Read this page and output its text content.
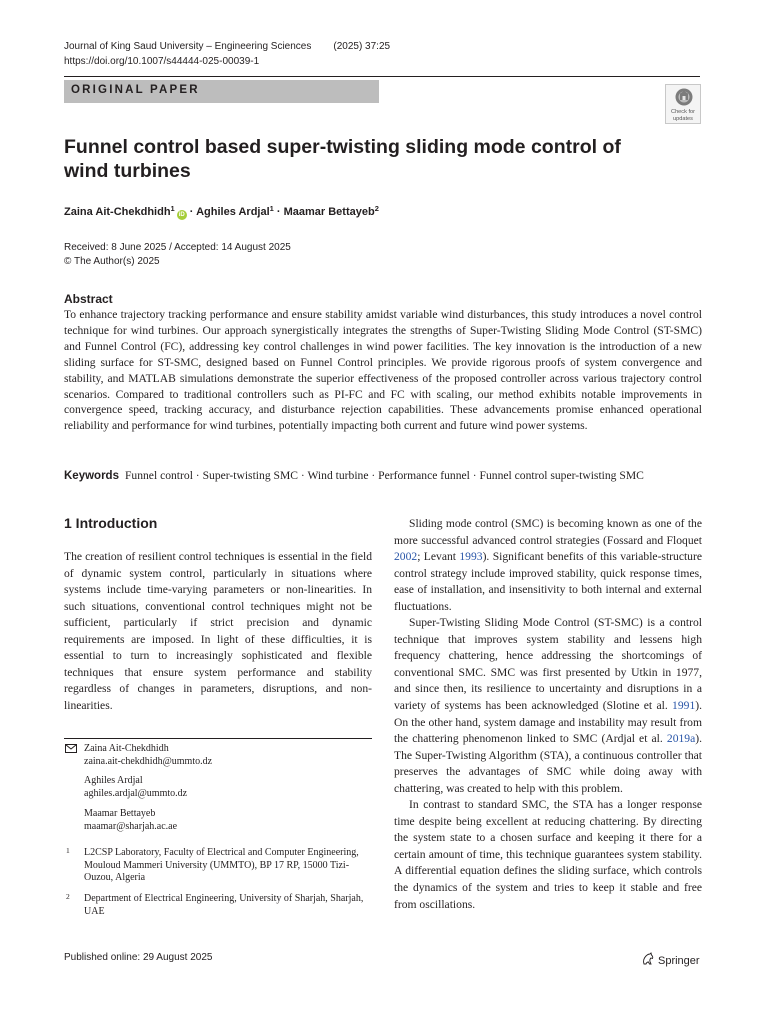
Journal of King Saud University – Engineering Sciences (2025) 37:25
https://doi.org/10.1007/s44444-025-00039-1
ORIGINAL PAPER
Check for
updates
Funnel control based super-twisting sliding mode control of wind turbines
Zaina Ait-Chekdhidh$^1$iD · Aghiles Ardjal$^1$ · Maamar Bettayeb$^2$
Received: 8 June 2025 / Accepted: 14 August 2025
© The Author(s) 2025
Abstract

To enhance trajectory tracking performance and ensure stability amidst variable wind disturbances, this study introduces a novel control technique for wind turbines. Our approach synergistically integrates the strengths of Super-Twisting Sliding Mode Control (ST-SMC) and Funnel Control (FC), addressing key control challenges in wind power facilities. The key innovation is the introduction of a new sliding surface for ST-SMC, designed based on Funnel Control principles. We provide rigorous proofs of system convergence and stability, and MATLAB simulations demonstrate the superior effectiveness of the proposed controller across various trajectory control scenarios. Compared to traditional controllers such as PI-FC and FC with scaling, our method exhibits notable improvements in convergence speed, tracking accuracy, and disturbance rejection capabilities. These advancements promise enhanced operational reliability and performance for wind turbines, potentially impacting both current and future wind power systems.

Keywords Funnel control · Super-twisting SMC · Wind turbine · Performance funnel · Funnel control super-twisting SMC
1 Introduction

The creation of resilient control techniques is essential in the field of dynamic system control, particularly in situations where systems include time-varying parameters or non-linearities. In such situations, conventional control techniques might not be sufficient, particularly if strict precision and dynamic requirements are imposed. In light of these difficulties, it is essential to turn to increasingly sophisticated and flexible techniques that ensure system performance and stability regardless of changes in parameters, disruptions, and non-linearities.

Sliding mode control (SMC) is becoming known as one of the more successful advanced control strategies (Fossard and Floquet 2002; Levant 1993). Significant benefits of this variable-structure control strategy include improved stability, quick response times, ease of installation, and insensitivity to both internal and external fluctuations.

Super-Twisting Sliding Mode Control (ST-SMC) is a control technique that improves system stability and lessens high frequency chattering, hence addressing the shortcomings of conventional SMC. SMC was first presented by Utkin in 1977, and since then, its resilience to uncertainty and disruptions in a variety of systems has been acknowledged (Slotine et al. 1991). On the other hand, system damage and instability may result from the chattering phenomenon linked to SMC (Ardjal et al. 2019a). The Super-Twisting Algorithm (STA), a continuous controller that preserves the advantages of SMC while doing away with chattering, was created to help with this problem.

In contrast to standard SMC, the STA has a longer response time despite being excellent at reducing chattering. By directing the system state to a chosen surface and keeping it there for a certain amount of time, this technique guarantees system stability. A differential equation defines the sliding surface, which controls the dynamics of the system and tries to keep it stable and free from oscillations.

Zaina Ait-Chekdhidh
zaina.ait-chekdhidh@ummto.dz
Aghiles Ardjal
aghiles.ardjal@ummto.dz
Maamar Bettayeb
maamar@sharjah.ac.ae
1 L2CSP Laboratory, Faculty of Electrical and Computer Engineering, Mouloud Mammeri University (UMMTO), BP 17 RP, 15000 Tizi-Ouzou, Algeria
2 Department of Electrical Engineering, University of Sharjah, Sharjah, UAE
Published online: 29 August 2025	Springer
